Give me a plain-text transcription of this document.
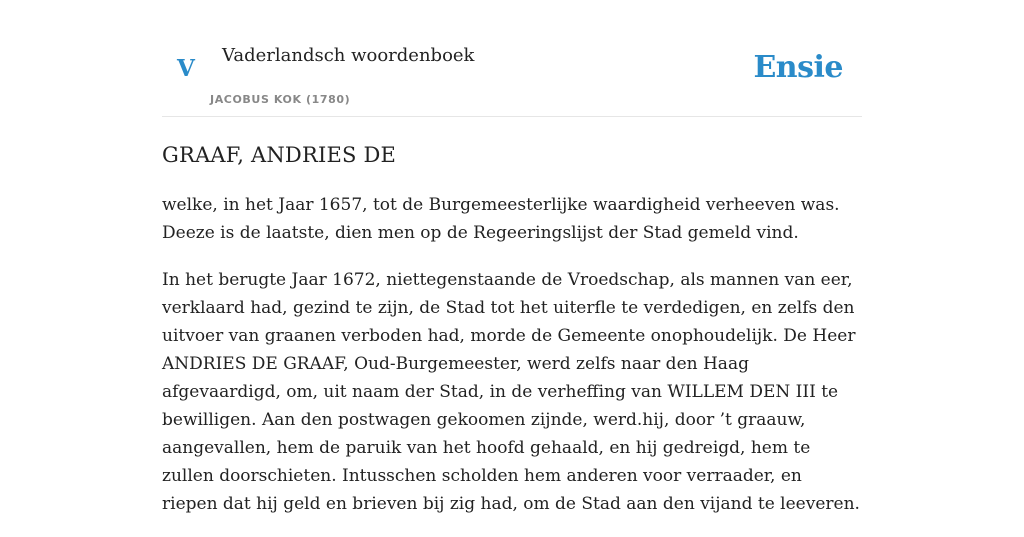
V Vaderlandsch woordenboek
JACOBUS KOK (1780)
Ensie
GRAAF, ANDRIES DE

welke, in het Jaar 1657, tot de Burgemeesterlijke waardigheid verheeven was. Deeze is de laatste, dien men op de Regeeringslijst der Stad gemeld vind.

In het berugte Jaar 1672, niettegenstaande de Vroedschap, als mannen van eer, verklaard had, gezind te zijn, de Stad tot het uiterfle te verdedigen, en zelfs den uitvoer van graanen verboden had, morde de Gemeente onophoudelijk. De Heer ANDRIES DE GRAAF, Oud-Burgemeester, werd zelfs naar den Haag afgevaardigd, om, uit naam der Stad, in de verheffing van WILLEM DEN III te bewilligen. Aan den postwagen gekoomen zijnde, werd.hij, door ’t graauw, aangevallen, hem de paruik van het hoofd gehaald, en hij gedreigd, hem te zullen doorschieten. Intusschen scholden hem anderen voor verraader, en riepen dat hij geld en brieven bij zig had, om de Stad aan den vijand te leeveren.
